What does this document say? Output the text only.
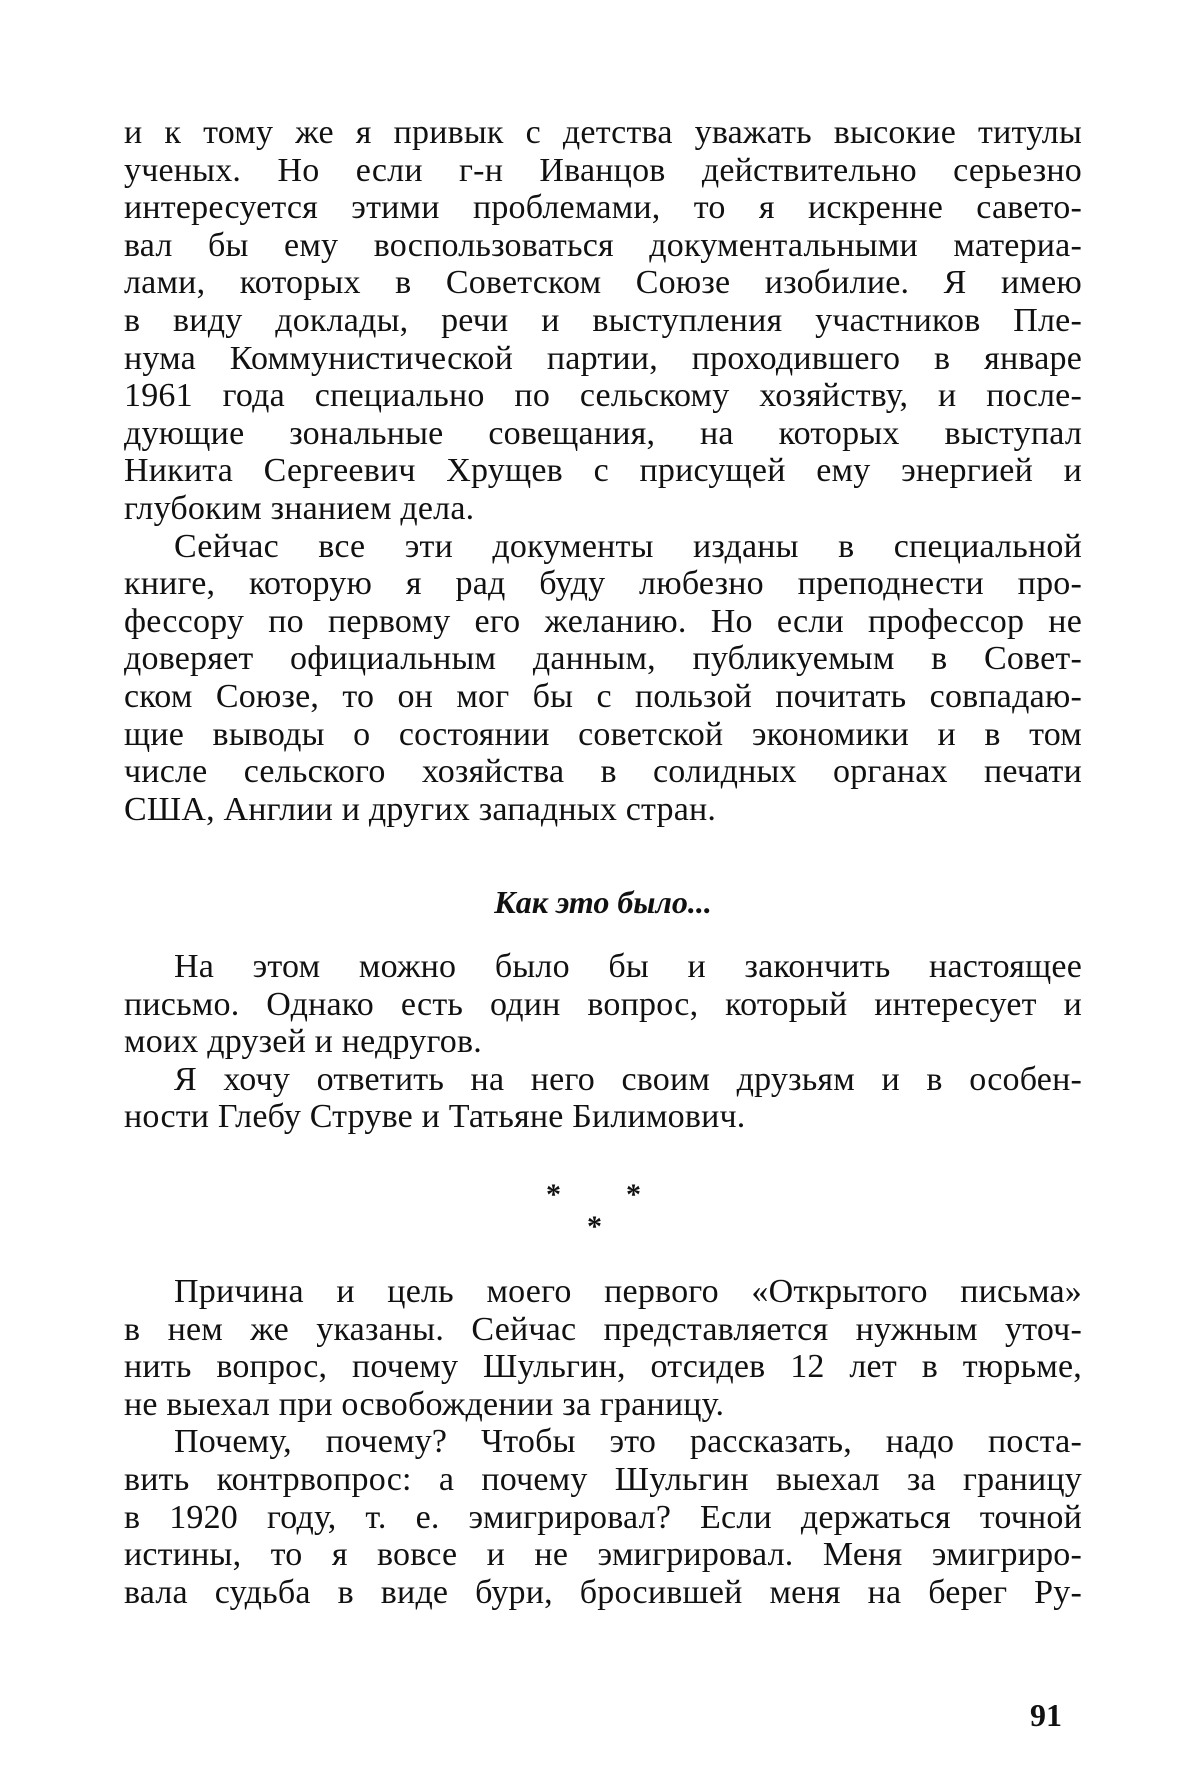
и к тому же я привык с детства уважать высокие титулы
ученых. Но если г-н Иванцов действительно серьезно
интересуется этими проблемами, то я искренне савето-
вал бы ему воспользоваться документальными материа-
лами, которых в Советском Союзе изобилие. Я имею
в виду доклады, речи и выступления участников Пле-
нума Коммунистической партии, проходившего в январе
1961 года специально по сельскому хозяйству, и после-
дующие зональные совещания, на которых выступал
Никита Сергеевич Хрущев с присущей ему энергией и
глубоким знанием дела.
Сейчас все эти документы изданы в специальной
книге, которую я рад буду любезно преподнести про-
фессору по первому его желанию. Но если профессор не
доверяет официальным данным, публикуемым в Совет-
ском Союзе, то он мог бы с пользой почитать совпадаю-
щие выводы о состоянии советской экономики и в том
числе сельского хозяйства в солидных органах печати
США, Англии и других западных стран.
Как это было...
На этом можно было бы и закончить настоящее
письмо. Однако есть один вопрос, который интересует и
моих друзей и недругов.
Я хочу ответить на него своим друзьям и в особен-
ности Глебу Струве и Татьяне Билимович.
* *
*
Причина и цель моего первого «Открытого письма»
в нем же указаны. Сейчас представляется нужным уточ-
нить вопрос, почему Шульгин, отсидев 12 лет в тюрьме,
не выехал при освобождении за границу.
Почему, почему? Чтобы это рассказать, надо поста-
вить контрвопрос: а почему Шульгин выехал за границу
в 1920 году, т. е. эмигрировал? Если держаться точной
истины, то я вовсе и не эмигрировал. Меня эмигриро-
вала судьба в виде бури, бросившей меня на берег Ру-
91
